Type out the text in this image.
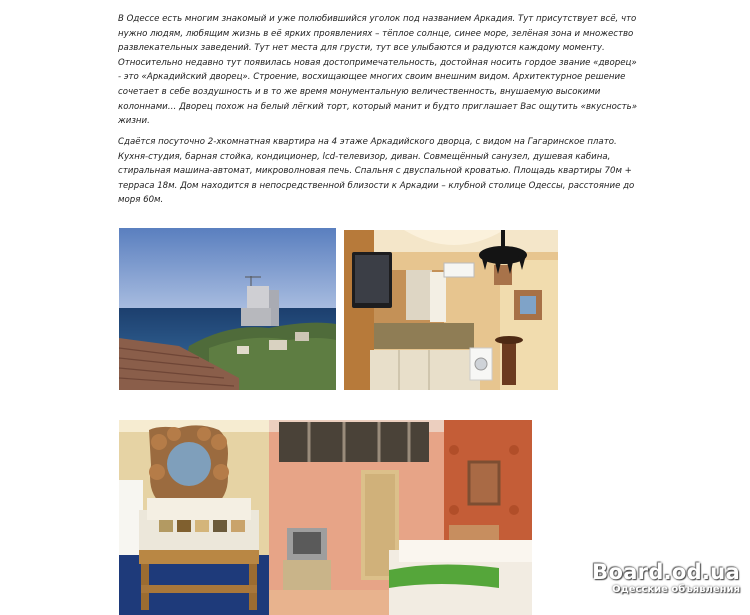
В Одессе есть многим знакомый и уже полюбившийся уголок под названием Аркадия. Тут присутствует всё, что нужно людям, любящим жизнь в её ярких проявлениях – тёплое солнце, синее море, зелёная зона и множество развлекательных заведений. Тут нет места для грусти, тут все улыбаются и радуются каждому моменту. Относительно недавно тут появилась новая достопримечательность, достойная носить гордое звание «дворец» - это «Аркадийский дворец». Строение, восхищающее многих своим внешним видом. Архитектурное решение сочетает в себе воздушность и в то же время монументальную величественность, внушаемую высокими колоннами… Дворец похож на белый лёгкий торт, который манит и будто приглашает Вас ощутить «вкусность» жизни.

Сдаётся посуточно 2-хкомнатная квартира на 4 этаже Аркадийского дворца, с видом на Гагаринское плато. Кухня-студия, барная стойка, кондиционер, lcd-телевизор, диван. Совмещённый санузел, душевая кабина, стиральная машина-автомат, микроволновая печь. Спальня с двуспальной кроватью. Площадь квартиры 70м + терраса 18м. Дом находится в непосредственной близости к Аркадии – клубной столице Одессы, расстояние до моря 60м.

Board.od.ua
Одесские объявления
